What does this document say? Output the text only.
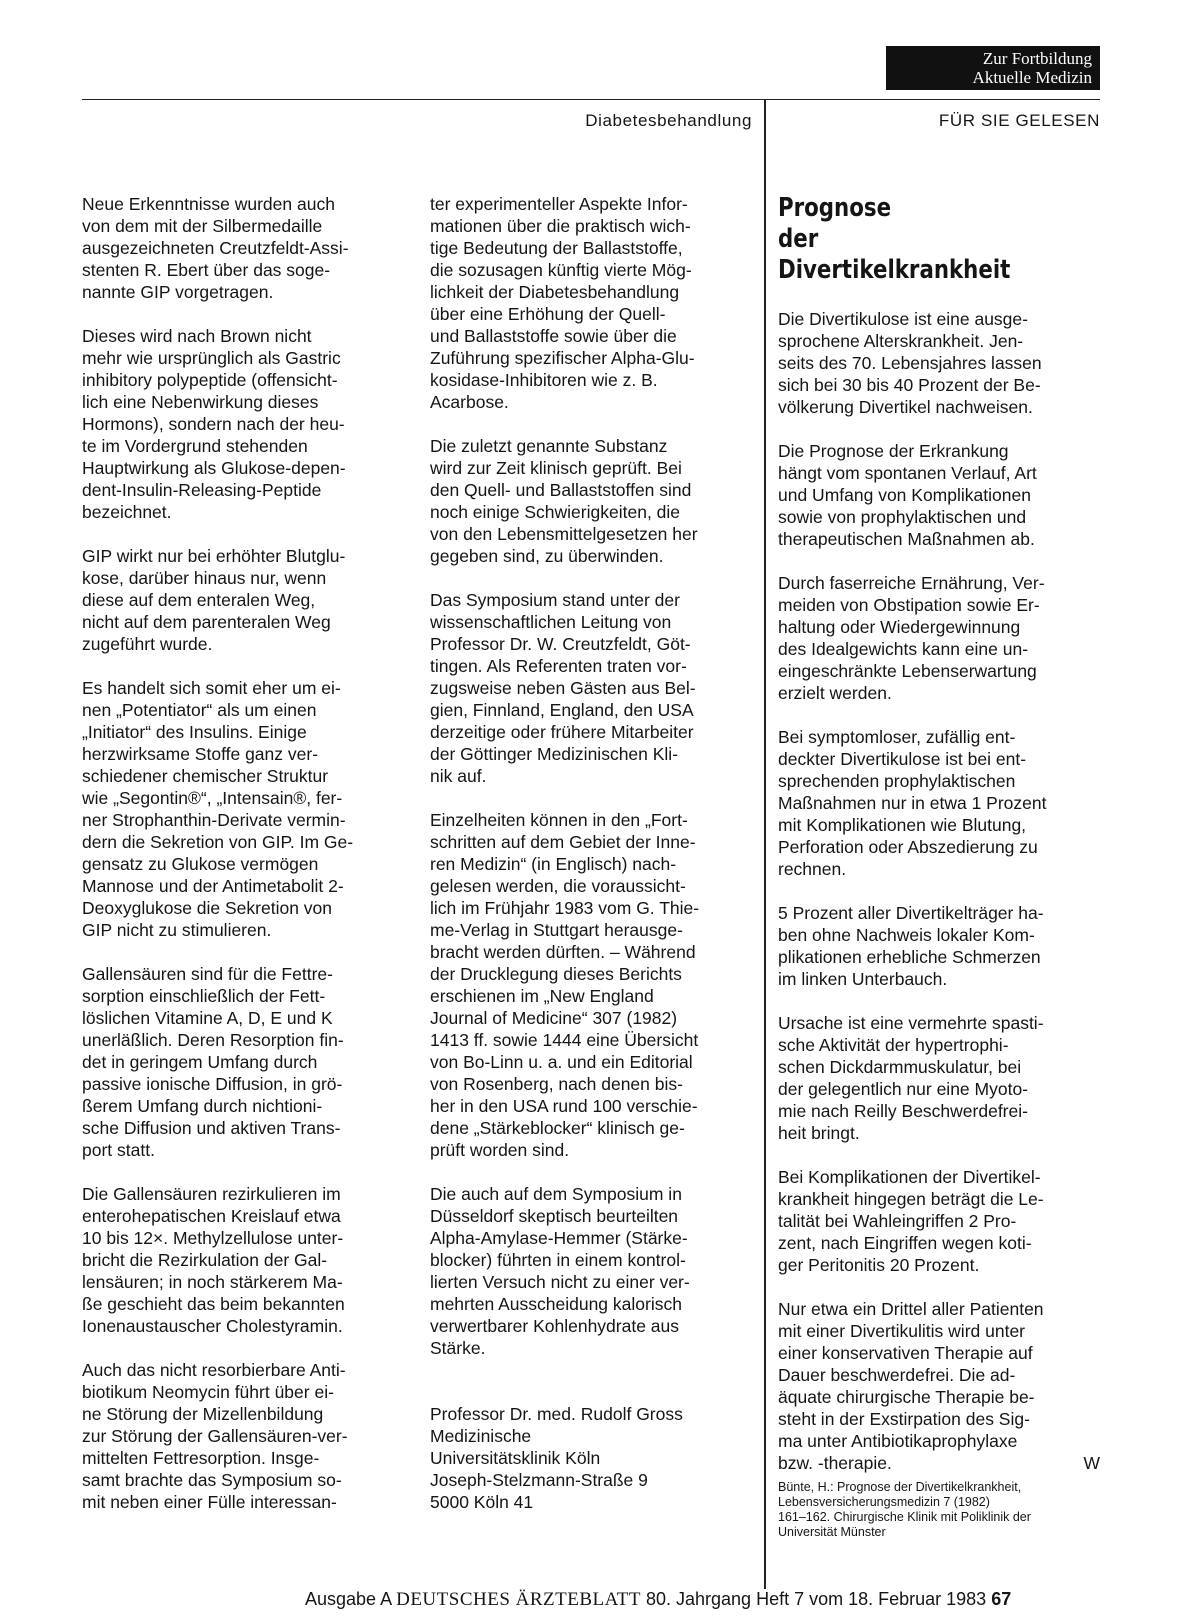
Zur Fortbildung
Aktuelle Medizin
Diabetesbehandlung	FÜR SIE GELESEN

Neue Erkenntnisse wurden auch
von dem mit der Silbermedaille
ausgezeichneten Creutzfeldt-Assi-
stenten R. Ebert über das soge-
nannte GIP vorgetragen.

Dieses wird nach Brown nicht
mehr wie ursprünglich als Gastric
inhibitory polypeptide (offensicht-
lich eine Nebenwirkung dieses
Hormons), sondern nach der heu-
te im Vordergrund stehenden
Hauptwirkung als Glukose-depen-
dent-Insulin-Releasing-Peptide
bezeichnet.

GIP wirkt nur bei erhöhter Blutglu-
kose, darüber hinaus nur, wenn
diese auf dem enteralen Weg,
nicht auf dem parenteralen Weg
zugeführt wurde.

Es handelt sich somit eher um ei-
nen „Potentiator“ als um einen
„Initiator“ des Insulins. Einige
herzwirksame Stoffe ganz ver-
schiedener chemischer Struktur
wie „Segontin®“, „Intensain®, fer-
ner Strophanthin-Derivate vermin-
dern die Sekretion von GIP. Im Ge-
gensatz zu Glukose vermögen
Mannose und der Antimetabolit 2-
Deoxyglukose die Sekretion von
GIP nicht zu stimulieren.

Gallensäuren sind für die Fettre-
sorption einschließlich der Fett-
löslichen Vitamine A, D, E und K
unerläßlich. Deren Resorption fin-
det in geringem Umfang durch
passive ionische Diffusion, in grö-
ßerem Umfang durch nichtioni-
sche Diffusion und aktiven Trans-
port statt.

Die Gallensäuren rezirkulieren im
enterohepatischen Kreislauf etwa
10 bis 12×. Methylzellulose unter-
bricht die Rezirkulation der Gal-
lensäuren; in noch stärkerem Ma-
ße geschieht das beim bekannten
Ionenaustauscher Cholestyramin.

Auch das nicht resorbierbare Anti-
biotikum Neomycin führt über ei-
ne Störung der Mizellenbildung
zur Störung der Gallensäuren-ver-
mittelten Fettresorption. Insge-
samt brachte das Symposium so-
mit neben einer Fülle interessan-

ter experimenteller Aspekte Infor-
mationen über die praktisch wich-
tige Bedeutung der Ballaststoffe,
die sozusagen künftig vierte Mög-
lichkeit der Diabetesbehandlung
über eine Erhöhung der Quell-
und Ballaststoffe sowie über die
Zuführung spezifischer Alpha-Glu-
kosidase-Inhibitoren wie z. B.
Acarbose.

Die zuletzt genannte Substanz
wird zur Zeit klinisch geprüft. Bei
den Quell- und Ballaststoffen sind
noch einige Schwierigkeiten, die
von den Lebensmittelgesetzen her
gegeben sind, zu überwinden.

Das Symposium stand unter der
wissenschaftlichen Leitung von
Professor Dr. W. Creutzfeldt, Göt-
tingen. Als Referenten traten vor-
zugsweise neben Gästen aus Bel-
gien, Finnland, England, den USA
derzeitige oder frühere Mitarbeiter
der Göttinger Medizinischen Kli-
nik auf.

Einzelheiten können in den „Fort-
schritten auf dem Gebiet der Inne-
ren Medizin“ (in Englisch) nach-
gelesen werden, die voraussicht-
lich im Frühjahr 1983 vom G. Thie-
me-Verlag in Stuttgart herausge-
bracht werden dürften. – Während
der Drucklegung dieses Berichts
erschienen im „New England
Journal of Medicine“ 307 (1982)
1413 ff. sowie 1444 eine Übersicht
von Bo-Linn u. a. und ein Editorial
von Rosenberg, nach denen bis-
her in den USA rund 100 verschie-
dene „Stärkeblocker“ klinisch ge-
prüft worden sind.

Die auch auf dem Symposium in
Düsseldorf skeptisch beurteilten
Alpha-Amylase-Hemmer (Stärke-
blocker) führten in einem kontrol-
lierten Versuch nicht zu einer ver-
mehrten Ausscheidung kalorisch
verwertbarer Kohlenhydrate aus
Stärke.

Professor Dr. med. Rudolf Gross
Medizinische
Universitätsklinik Köln
Joseph-Stelzmann-Straße 9
5000 Köln 41

Prognose
der Divertikelkrankheit

Die Divertikulose ist eine ausge-
sprochene Alterskrankheit. Jen-
seits des 70. Lebensjahres lassen
sich bei 30 bis 40 Prozent der Be-
völkerung Divertikel nachweisen.

Die Prognose der Erkrankung
hängt vom spontanen Verlauf, Art
und Umfang von Komplikationen
sowie von prophylaktischen und
therapeutischen Maßnahmen ab.

Durch faserreiche Ernährung, Ver-
meiden von Obstipation sowie Er-
haltung oder Wiedergewinnung
des Idealgewichts kann eine un-
eingeschränkte Lebenserwartung
erzielt werden.

Bei symptomloser, zufällig ent-
deckter Divertikulose ist bei ent-
sprechenden prophylaktischen
Maßnahmen nur in etwa 1 Prozent
mit Komplikationen wie Blutung,
Perforation oder Abszedierung zu
rechnen.

5 Prozent aller Divertikelträger ha-
ben ohne Nachweis lokaler Kom-
plikationen erhebliche Schmerzen
im linken Unterbauch.

Ursache ist eine vermehrte spasti-
sche Aktivität der hypertrophi-
schen Dickdarmmuskulatur, bei
der gelegentlich nur eine Myoto-
mie nach Reilly Beschwerdefrei-
heit bringt.

Bei Komplikationen der Divertikel-
krankheit hingegen beträgt die Le-
talität bei Wahleingriffen 2 Pro-
zent, nach Eingriffen wegen koti-
ger Peritonitis 20 Prozent.

Nur etwa ein Drittel aller Patienten
mit einer Divertikulitis wird unter
einer konservativen Therapie auf
Dauer beschwerdefrei. Die ad-
äquate chirurgische Therapie be-
steht in der Exstirpation des Sig-
ma unter Antibiotikaprophylaxe

bzw. -therapie.	W

Bünte, H.: Prognose der Divertikelkrankheit,
Lebensversicherungsmedizin 7 (1982)
161–162. Chirurgische Klinik mit Poliklinik der
Universität Münster

Ausgabe A DEUTSCHES ÄRZTEBLATT 80. Jahrgang Heft 7 vom 18. Februar 1983 67
